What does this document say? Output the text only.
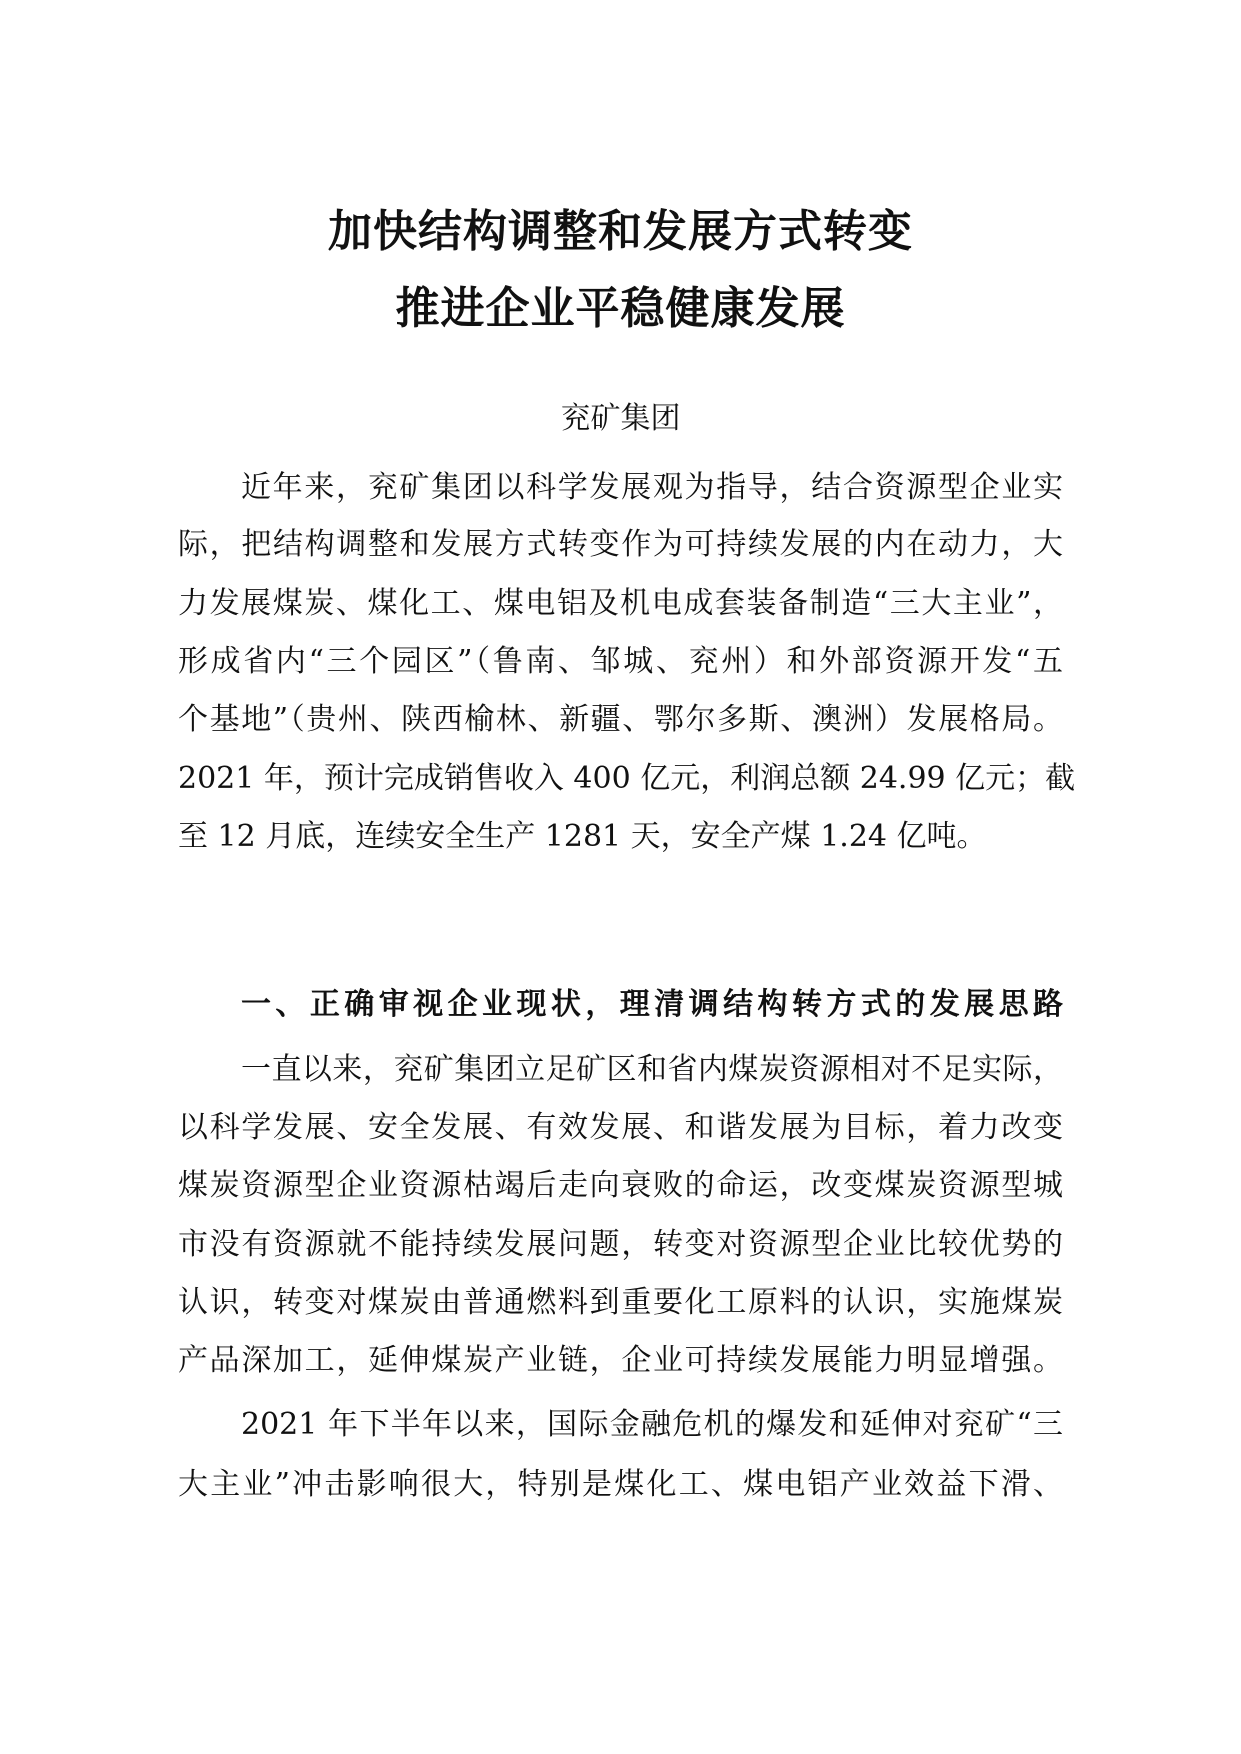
加快结构调整和发展方式转变
推进企业平稳健康发展
兖矿集团
近年来，兖矿集团以科学发展观为指导，结合资源型企业实
际，把结构调整和发展方式转变作为可持续发展的内在动力，大
力发展煤炭、煤化工、煤电铝及机电成套装备制造“三大主业”，
形成省内“三个园区”（鲁南、邹城、兖州）和外部资源开发“五
个基地”（贵州、陕西榆林、新疆、鄂尔多斯、澳洲）发展格局。
2021 年，预计完成销售收入 400 亿元，利润总额 24.99 亿元；截
至 12 月底，连续安全生产 1281 天，安全产煤 1.24 亿吨。
一、正确审视企业现状，理清调结构转方式的发展思路
一直以来，兖矿集团立足矿区和省内煤炭资源相对不足实际，
以科学发展、安全发展、有效发展、和谐发展为目标，着力改变
煤炭资源型企业资源枯竭后走向衰败的命运，改变煤炭资源型城
市没有资源就不能持续发展问题，转变对资源型企业比较优势的
认识，转变对煤炭由普通燃料到重要化工原料的认识，实施煤炭
产品深加工，延伸煤炭产业链，企业可持续发展能力明显增强。
2021 年下半年以来，国际金融危机的爆发和延伸对兖矿“三
大主业”冲击影响很大，特别是煤化工、煤电铝产业效益下滑、
